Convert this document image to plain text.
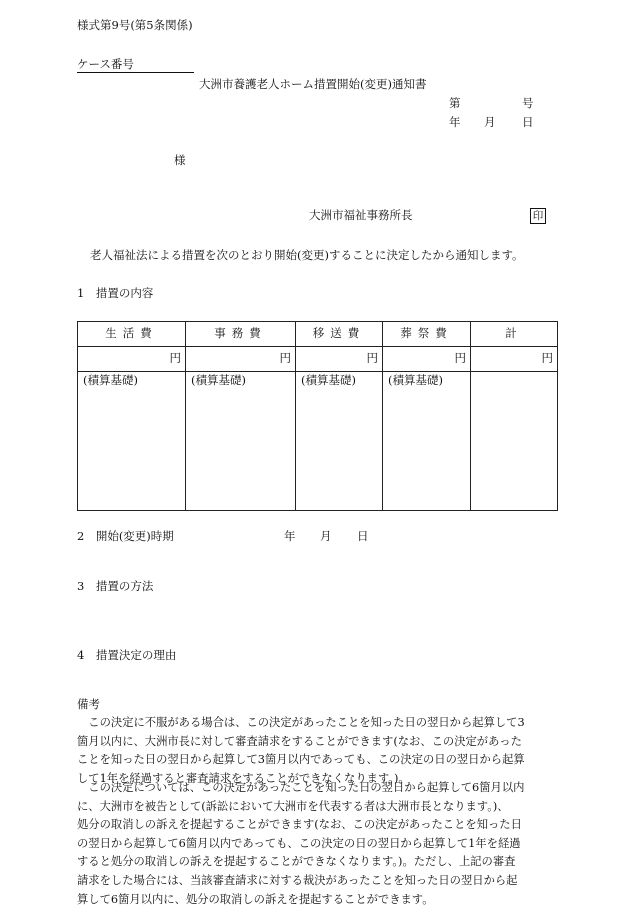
様式第9号(第5条関係)
ケース番号
大洲市養護老人ホーム措置開始(変更)通知書
第	号
年 月 日
様
大洲市福祉事務所長	印
老人福祉法による措置を次のとおり開始(変更)することに決定したから通知します。
1　措置の内容
生活費	事務費	移送費	葬祭費	計
円	円	円	円	円
(積算基礎)	(積算基礎)	(積算基礎)	(積算基礎)	
2　開始(変更)時期	年 月 日
3　措置の方法
4　措置決定の理由
備考
　この決定に不服がある場合は、この決定があったことを知った日の翌日から起算して3
箇月以内に、大洲市長に対して審査請求をすることができます(なお、この決定があった
ことを知った日の翌日から起算して3箇月以内であっても、この決定の日の翌日から起算
して1年を経過すると審査請求をすることができなくなります。)。
　この決定については、この決定があったことを知った日の翌日から起算して6箇月以内
に、大洲市を被告として(訴訟において大洲市を代表する者は大洲市長となります。)、
処分の取消しの訴えを提起することができます(なお、この決定があったことを知った日
の翌日から起算して6箇月以内であっても、この決定の日の翌日から起算して1年を経過
すると処分の取消しの訴えを提起することができなくなります。)。ただし、上記の審査
請求をした場合には、当該審査請求に対する裁決があったことを知った日の翌日から起
算して6箇月以内に、処分の取消しの訴えを提起することができます。
